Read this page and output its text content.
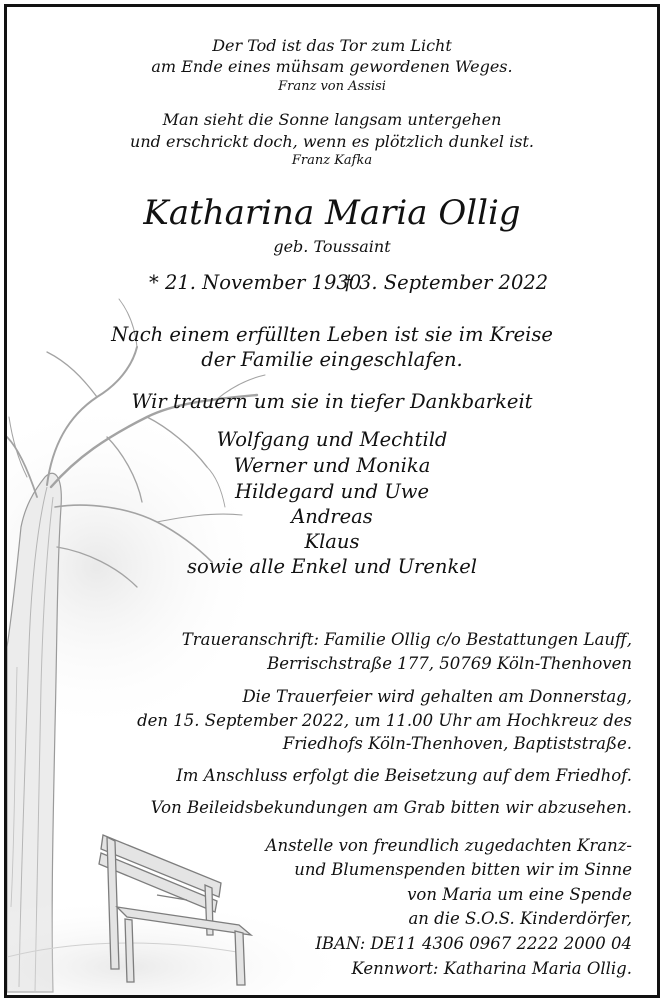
Der Tod ist das Tor zum Licht
am Ende eines mühsam gewordenen Weges.
Franz von Assisi
Man sieht die Sonne langsam untergehen
und erschrickt doch, wenn es plötzlich dunkel ist.
Franz Kafka
Katharina Maria Ollig
geb. Toussaint
* 21. November 1930
† 3. September 2022
Nach einem erfüllten Leben ist sie im Kreise
der Familie eingeschlafen.
Wir trauern um sie in tiefer Dankbarkeit
Wolfgang und Mechtild
Werner und Monika
Hildegard und Uwe
Andreas
Klaus
sowie alle Enkel und Urenkel
Traueranschrift: Familie Ollig c/o Bestattungen Lauff,
Berrischstraße 177, 50769 Köln-Thenhoven
Die Trauerfeier wird gehalten am Donnerstag,
den 15. September 2022, um 11.00 Uhr am Hochkreuz des
Friedhofs Köln-Thenhoven, Baptiststraße.
Im Anschluss erfolgt die Beisetzung auf dem Friedhof.
Von Beileidsbekundungen am Grab bitten wir abzusehen.
Anstelle von freundlich zugedachten Kranz-
und Blumenspenden bitten wir im Sinne
von Maria um eine Spende
an die S.O.S. Kinderdörfer,
IBAN: DE11 4306 0967 2222 2000 04
Kennwort: Katharina Maria Ollig.
